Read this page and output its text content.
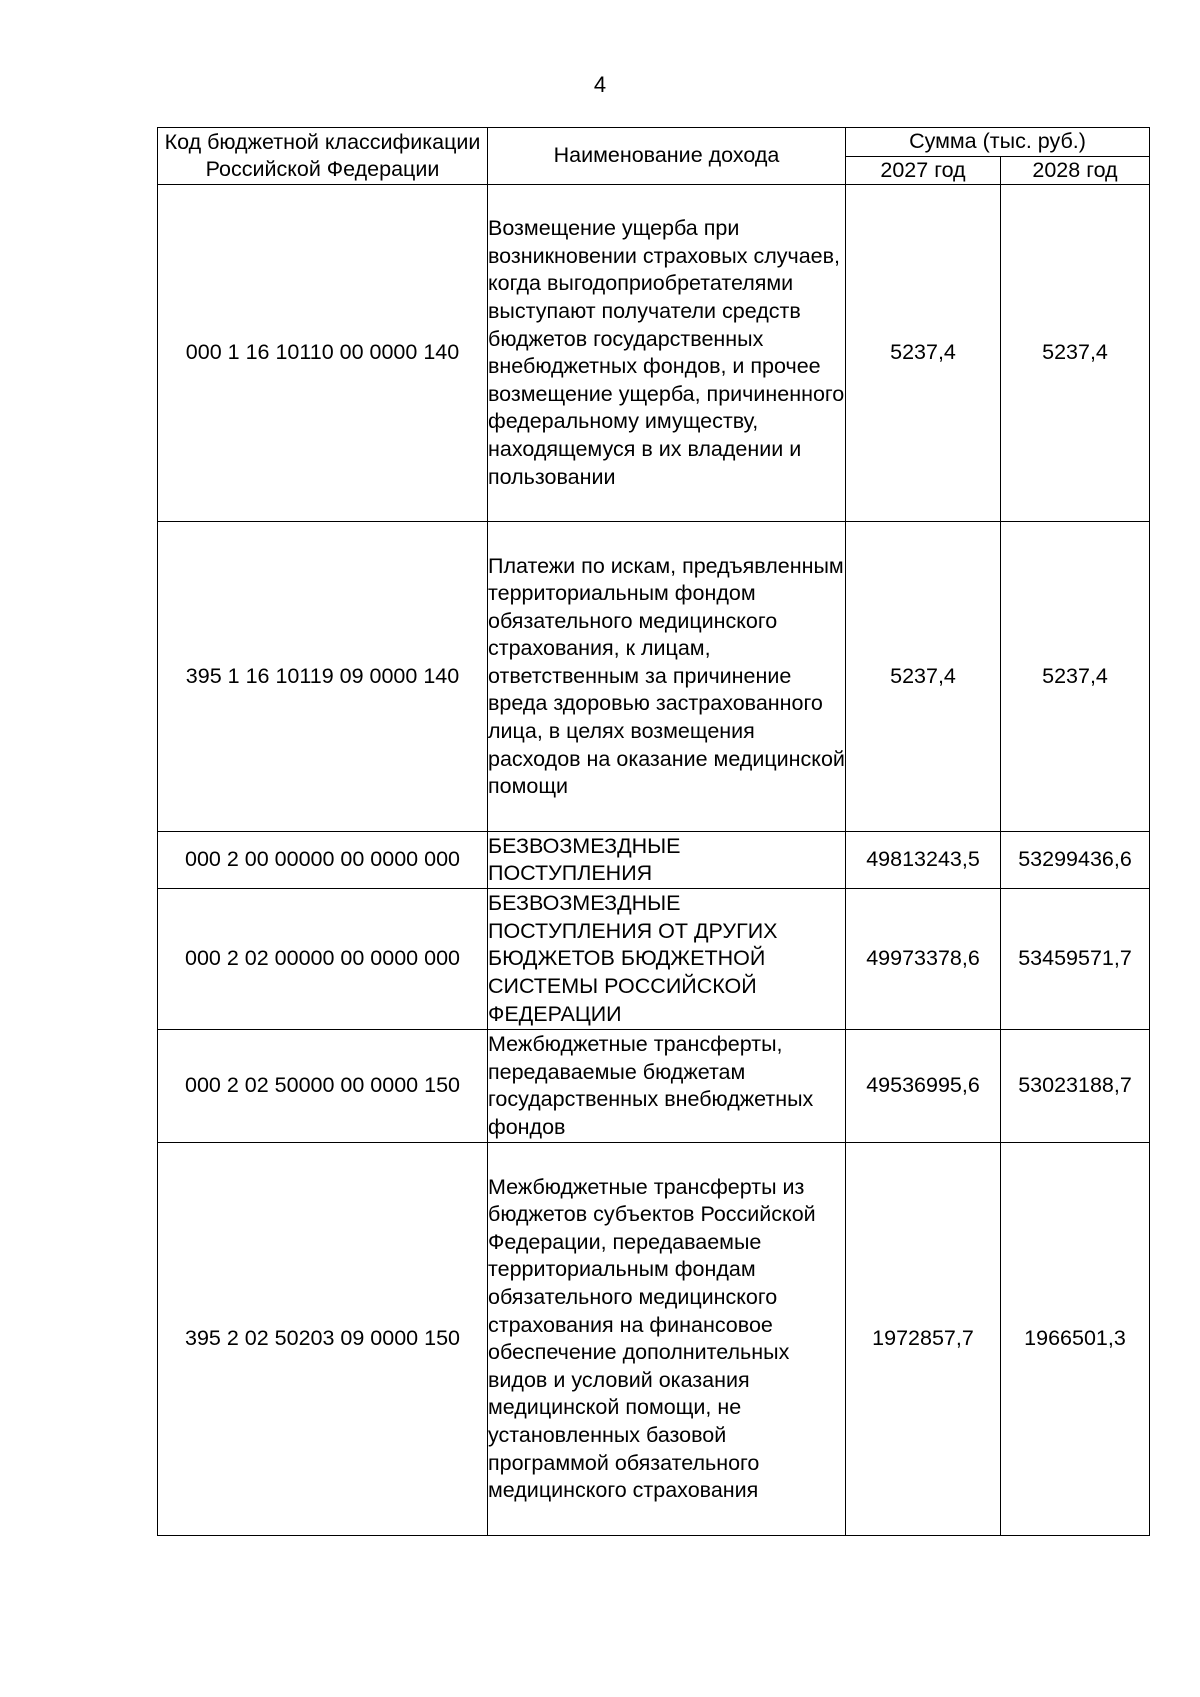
4
Код бюджетной классификации Российской Федерации	Наименование дохода	Сумма (тыс. руб.)	
		2027 год	2028 год
000 1 16 10110 00 0000 140	Возмещение ущерба при возникновении страховых случаев, когда выгодоприобретателями выступают получатели средств бюджетов государственных внебюджетных фондов, и прочее возмещение ущерба, причиненного федеральному имуществу, находящемуся в их владении и пользовании	5237,4	5237,4
395 1 16 10119 09 0000 140	Платежи по искам, предъявленным территориальным фондом обязательного медицинского страхования, к лицам, ответственным за причинение вреда здоровью застрахованного лица, в целях возмещения расходов на оказание медицинской помощи	5237,4	5237,4
000 2 00 00000 00 0000 000	БЕЗВОЗМЕЗДНЫЕ ПОСТУПЛЕНИЯ	49813243,5	53299436,6
000 2 02 00000 00 0000 000	БЕЗВОЗМЕЗДНЫЕ ПОСТУПЛЕНИЯ ОТ ДРУГИХ БЮДЖЕТОВ БЮДЖЕТНОЙ СИСТЕМЫ РОССИЙСКОЙ ФЕДЕРАЦИИ	49973378,6	53459571,7
000 2 02 50000 00 0000 150	Межбюджетные трансферты, передаваемые бюджетам государственных внебюджетных фондов	49536995,6	53023188,7
395 2 02 50203 09 0000 150	Межбюджетные трансферты из бюджетов субъектов Российской Федерации, передаваемые территориальным фондам обязательного медицинского страхования на финансовое обеспечение дополнительных видов и условий оказания медицинской помощи, не установленных базовой программой обязательного медицинского страхования	1972857,7	1966501,3
